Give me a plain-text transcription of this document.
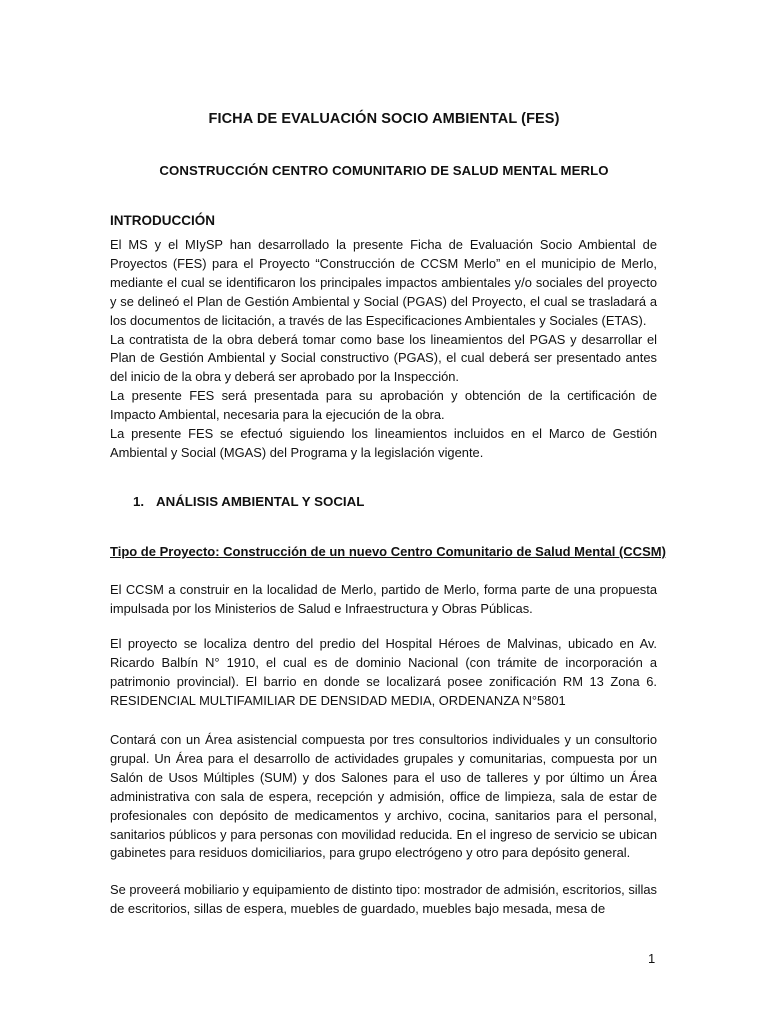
FICHA DE EVALUACIÓN SOCIO AMBIENTAL (FES)
CONSTRUCCIÓN CENTRO COMUNITARIO DE SALUD MENTAL MERLO
INTRODUCCIÓN

El MS y el MIySP han desarrollado la presente Ficha de Evaluación Socio Ambiental de Proyectos (FES) para el Proyecto “Construcción de CCSM Merlo” en el municipio de Merlo, mediante el cual se identificaron los principales impactos ambientales y/o sociales del proyecto y se delineó el Plan de Gestión Ambiental y Social (PGAS) del Proyecto, el cual se trasladará a los documentos de licitación, a través de las Especificaciones Ambientales y Sociales (ETAS).

La contratista de la obra deberá tomar como base los lineamientos del PGAS y desarrollar el Plan de Gestión Ambiental y Social constructivo (PGAS), el cual deberá ser presentado antes del inicio de la obra y deberá ser aprobado por la Inspección.

La presente FES será presentada para su aprobación y obtención de la certificación de Impacto Ambiental, necesaria para la ejecución de la obra.

La presente FES se efectuó siguiendo los lineamientos incluidos en el Marco de Gestión Ambiental y Social (MGAS) del Programa y la legislación vigente.

1. ANÁLISIS AMBIENTAL Y SOCIAL
Tipo de Proyecto: Construcción de un nuevo Centro Comunitario de Salud Mental (CCSM)
El CCSM a construir en la localidad de Merlo, partido de Merlo, forma parte de una propuesta impulsada por los Ministerios de Salud e Infraestructura y Obras Públicas.
El proyecto se localiza dentro del predio del Hospital Héroes de Malvinas, ubicado en Av. Ricardo Balbín N° 1910, el cual es de dominio Nacional (con trámite de incorporación a patrimonio provincial). El barrio en donde se localizará posee zonificación RM 13 Zona 6. RESIDENCIAL MULTIFAMILIAR DE DENSIDAD MEDIA, ORDENANZA N°5801
Contará con un Área asistencial compuesta por tres consultorios individuales y un consultorio grupal. Un Área para el desarrollo de actividades grupales y comunitarias, compuesta por un Salón de Usos Múltiples (SUM) y dos Salones para el uso de talleres y por último un Área administrativa con sala de espera, recepción y admisión, office de limpieza, sala de estar de profesionales con depósito de medicamentos y archivo, cocina, sanitarios para el personal, sanitarios públicos y para personas con movilidad reducida. En el ingreso de servicio se ubican gabinetes para residuos domiciliarios, para grupo electrógeno y otro para depósito general.
Se proveerá mobiliario y equipamiento de distinto tipo: mostrador de admisión, escritorios, sillas de escritorios, sillas de espera, muebles de guardado, muebles bajo mesada, mesa de
1
